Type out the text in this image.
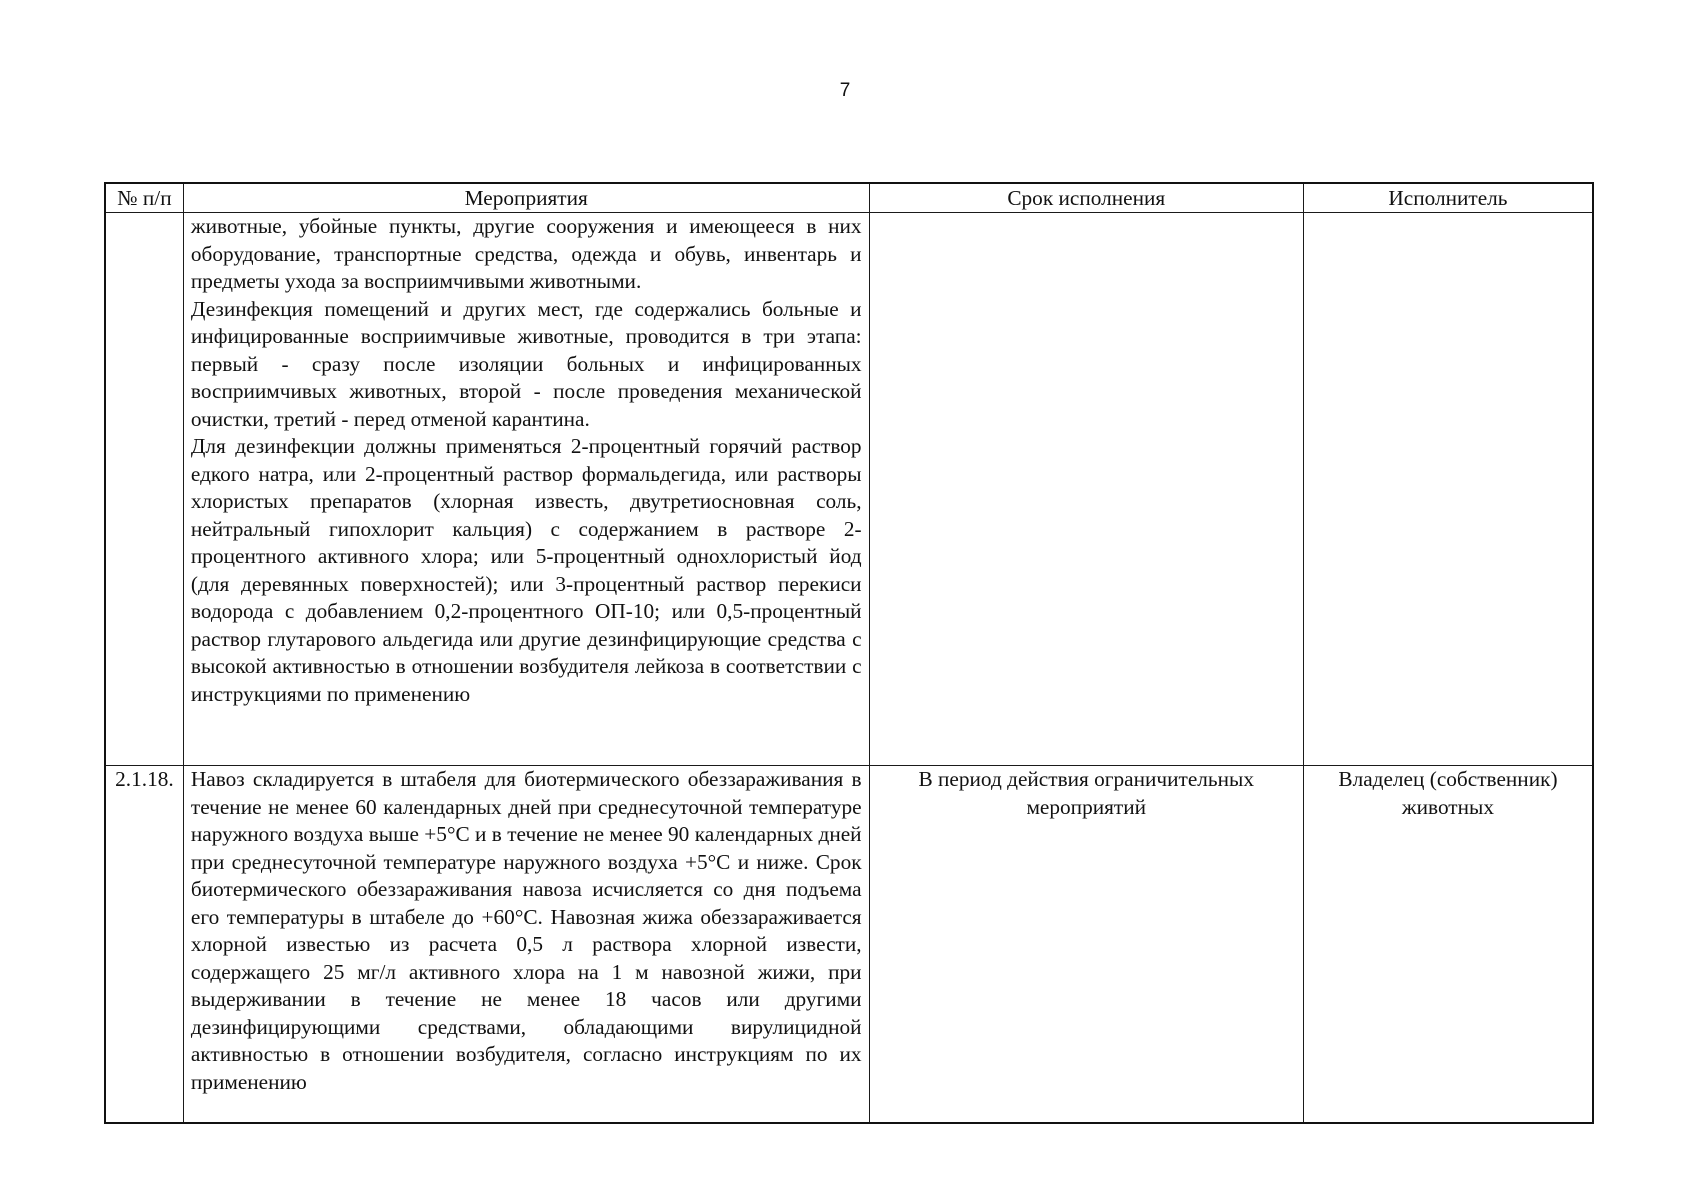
7
№ п/п	Мероприятия	Срок исполнения	Исполнитель

	животные, убойные пункты, другие сооружения и имеющееся в них оборудование, транспортные средства, одежда и обувь, инвентарь и предметы ухода за восприимчивыми животными.

Дезинфекция помещений и других мест, где содержались больные и инфицированные восприимчивые животные, проводится в три этапа: первый - сразу после изоляции больных и инфицированных восприимчивых животных, второй - после проведения механической очистки, третий - перед отменой карантина.

Для дезинфекции должны применяться 2-процентный горячий раствор едкого натра, или 2-процентный раствор формальдегида, или растворы хлористых препаратов (хлорная известь, двутретиосновная соль, нейтральный гипохлорит кальция) с содержанием в растворе 2-процентного активного хлора; или 5-процентный однохлористый йод (для деревянных поверхностей); или 3-процентный раствор перекиси водорода с добавлением 0,2-процентного ОП-10; или 0,5-процентный раствор глутарового альдегида или другие дезинфицирующие средства с высокой активностью в отношении возбудителя лейкоза в соответствии с инструкциями по применению		

2.1.18.	Навоз складируется в штабеля для биотермического обеззараживания в течение не менее 60 календарных дней при среднесуточной температуре наружного воздуха выше +5°С и в течение не менее 90 календарных дней при среднесуточной температуре наружного воздуха +5°С и ниже. Срок биотермического обеззараживания навоза исчисляется со дня подъема его температуры в штабеле до +60°С. Навозная жижа обеззараживается хлорной известью из расчета 0,5 л раствора хлорной извести, содержащего 25 мг/л активного хлора на 1 м навозной жижи, при выдерживании в течение не менее 18 часов или другими дезинфицирующими средствами, обладающими вирулицидной активностью в отношении возбудителя, согласно инструкциям по их применению	В период действия ограничительных мероприятий	Владелец (собственник) животных
